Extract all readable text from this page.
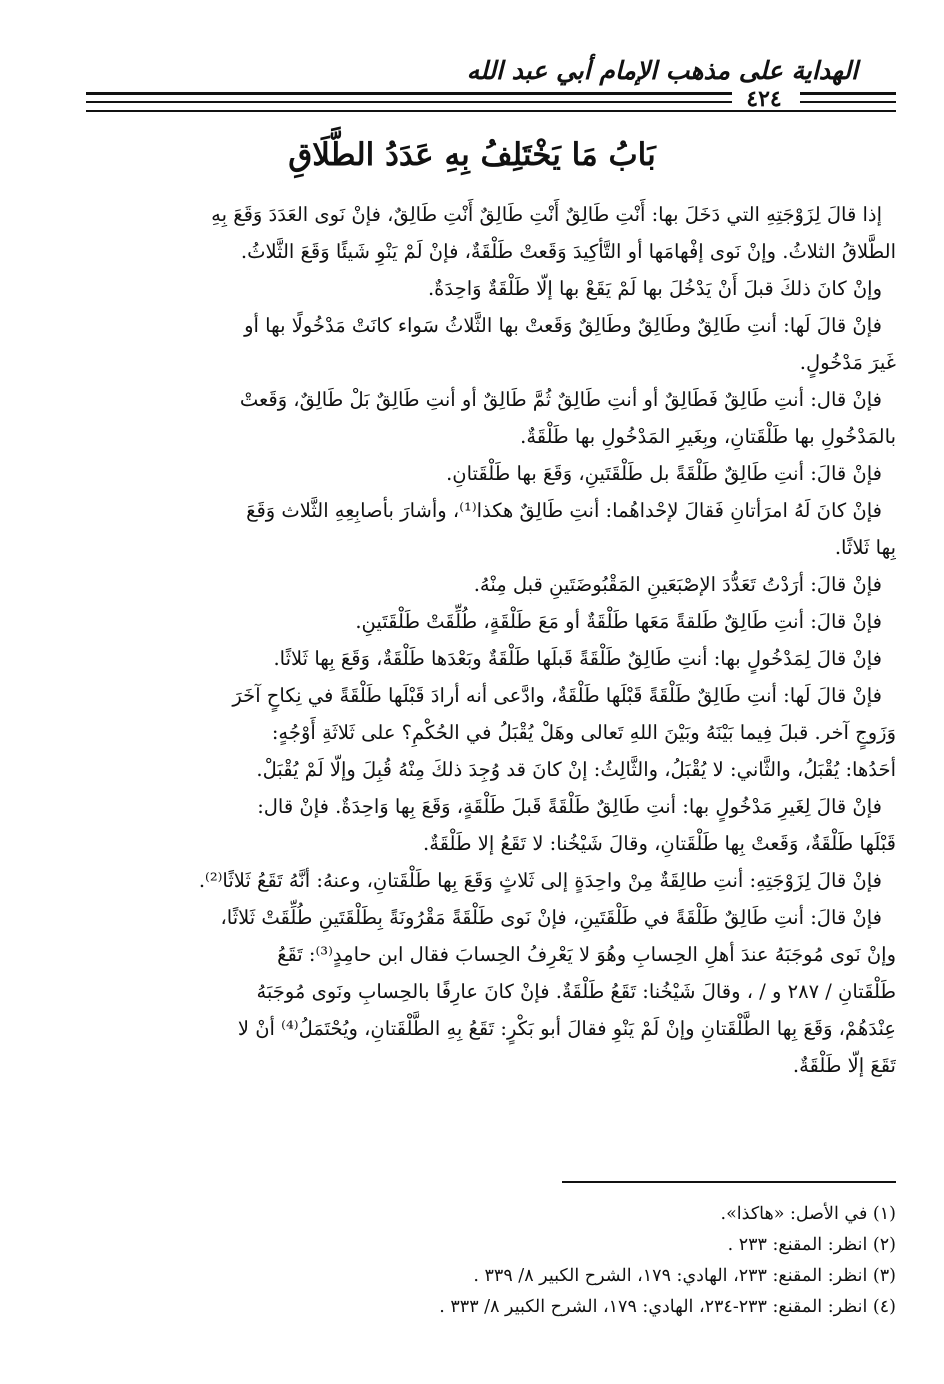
الهداية على مذهب الإمام أبي عبد الله
٤٢٤
بَابُ مَا يَخْتَلِفُ بِهِ عَدَدُ الطَّلَاقِ
إذا قالَ لِزَوْجَتِهِ التي دَخَلَ بها: أَنْتِ طَالِقٌ أَنْتِ طَالِقٌ أَنْتِ طَالِقٌ، فإنْ نَوى العَدَدَ وَقَعَ بِهِ
الطَّلاقُ الثلاثُ. وإنْ نَوى إفْهامَها أو التَّأكِيدَ وَقَعتْ طَلْقَةٌ، فإنْ لَمْ يَنْوِ شَيئًا وَقَعَ الثَّلاثُ.
وإنْ كانَ ذلكَ قبلَ أَنْ يَدْخُلَ بها لَمْ يَقَعْ بها إلّا طَلْقَةٌ وَاحِدَةٌ.
فإنْ قالَ لَها: أنتِ طَالِقٌ وطَالِقٌ وطَالِقٌ وَقَعتْ بها الثَّلاثُ سَواء كانَتْ مَدْخُولًا بها أو
غَيرَ مَدْخُولٍ.
فإنْ قال: أنتِ طَالِقٌ فَطَالِقٌ أو أنتِ طَالِقٌ ثُمَّ طَالِقٌ أو أنتِ طَالِقٌ بَلْ طَالِقٌ، وَقَعتْ
بالمَدْخُولِ بها طَلْقَتانِ، وبِغَيرِ المَدْخُولِ بها طَلْقَةٌ.
فإنْ قالَ: أنتِ طَالِقٌ طَلْقَةً بل طَلْقَتَينِ، وَقَعَ بها طَلْقَتانِ.
فإنْ كانَ لَهُ امرَأتانِ فَقالَ لإحْداهُما: أنتِ طَالِقٌ هكذا⁽¹⁾، وأشارَ بأصابِعِهِ الثَّلاث وَقَعَ
بِها ثَلاثًا.
فإنْ قالَ: أرَدْتُ تَعَدُّدَ الإصْبَعَينِ المَقْبُوضَتَينِ قبل مِنْهُ.
فإنْ قالَ: أنتِ طَالِقٌ طَلقةً مَعَها طَلْقَةٌ أو مَعَ طَلْقَةٍ، طُلِّقَتْ طَلْقَتَينِ.
فإنْ قالَ لِمَدْخُولٍ بها: أنتِ طَالِقٌ طَلْقَةً قَبلَها طَلْقَةٌ وبَعْدَها طَلْقَةٌ، وَقَعَ بِها ثَلاثًا.
فإنْ قالَ لَها: أنتِ طَالِقٌ طَلْقَةً قَبْلَها طَلْقَةٌ، وادَّعى أنه أرادَ قَبْلَها طَلْقَةً في نِكاحٍ آخَرَ
وَزَوجٍ آخر. قبلَ فِيما بَيْنَهُ وبَيْنَ اللهِ تَعالى وهَلْ يُقْبَلُ في الحُكْمِ؟ على ثَلاثَةِ أَوْجُهٍ:
أحَدُها: يُقْبَلُ، والثَّاني: لا يُقْبَلُ، والثَّالِثُ: إنْ كانَ قد وُجِدَ ذلكَ مِنْهُ قُبِلَ وإلّا لَمْ يُقْبَلْ.
فإنْ قالَ لِغَيرِ مَدْخُولٍ بها: أنتِ طَالِقٌ طَلْقَةً قَبلَ طَلْقَةٍ، وَقَعَ بِها وَاحِدَةٌ. فإنْ قال:
قَبْلَها طَلْقَةٌ، وَقَعتْ بِها طَلْقَتانِ، وقالَ شَيْخُنا: لا تَقَعُ إلا طَلْقَةٌ.
فإنْ قالَ لِزَوْجَتِهِ: أنتِ طالِقَةٌ مِنْ واحِدَةٍ إلى ثَلاثٍ وَقَعَ بِها طَلْقَتانِ، وعنهُ: أنَّهُ تَقَعُ ثَلاثًا⁽²⁾.
فإنْ قالَ: أنتِ طَالِقٌ طَلْقَةً في طَلْقَتَينِ، فإنْ نَوى طَلْقَةً مَقْرُونَةً بِطَلْقَتَينِ طُلِّقَتْ ثَلاثًا،
وإنْ نَوى مُوجَبَهُ عندَ أهلِ الحِسابِ وهُوَ لا يَعْرِفُ الحِسابَ فقال ابن حامِدٍ⁽³⁾: تَقَعُ
طَلْقَتانِ / ٢٨٧ و / ، وقالَ شَيْخُنا: تَقَعُ طَلْقَةٌ. فإنْ كانَ عارِفًا بالحِسابِ ونَوى مُوجَبَهُ
عِنْدَهُمْ، وَقَعَ بِها الطَّلْقَتانِ وإنْ لَمْ يَنْوِ فقالَ أبو بَكْرٍ: تَقَعُ بِهِ الطَّلْقَتانِ، ويُحْتَمَلُ⁽⁴⁾ أنْ لا
تَقَعَ إلّا طَلْقَةٌ.
(١) في الأصل: «هاكذا».
(٢) انظر: المقنع: ٢٣٣ .
(٣) انظر: المقنع: ٢٣٣، الهادي: ١٧٩، الشرح الكبير ٨/ ٣٣٩ .
(٤) انظر: المقنع: ٢٣٣-٢٣٤، الهادي: ١٧٩، الشرح الكبير ٨/ ٣٣٣ .
